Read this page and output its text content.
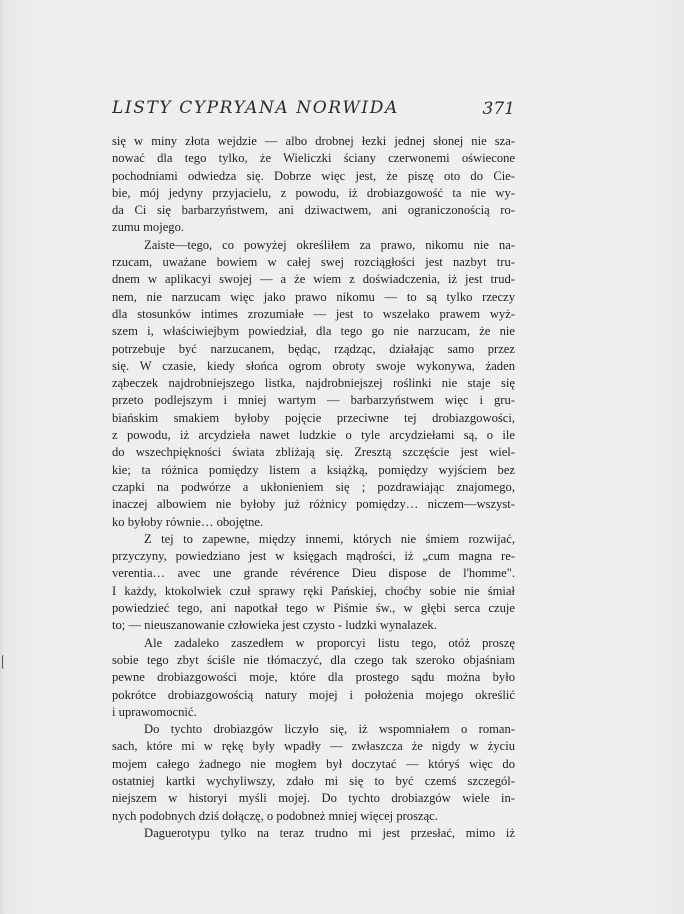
LISTY CYPRYANA NORWIDA	371
się w miny złota wejdzie — albo drobnej łezki jednej słonej nie sza-
nować dla tego tylko, że Wieliczki ściany czerwonemi oświecone
pochodniami odwiedza się. Dobrze więc jest, że piszę oto do Cie-
bie, mój jedyny przyjacielu, z powodu, iż drobiazgowość ta nie wy-
da Ci się barbarzyństwem, ani dziwactwem, ani ograniczonością ro-
zumu mojego.
Zaiste—tego, co powyżej określiłem za prawo, nikomu nie na-
rzucam, uważane bowiem w całej swej rozciągłości jest nazbyt tru-
dnem w aplikacyi swojej — a że wiem z doświadczenia, iż jest trud-
nem, nie narzucam więc jako prawo nikomu — to są tylko rzeczy
dla stosunków intimes zrozumiałe — jest to wszelako prawem wyż-
szem i, właściwiejbym powiedział, dla tego go nie narzucam, że nie
potrzebuje być narzucanem, będąc, rządząc, działając samo przez
się. W czasie, kiedy słońca ogrom obroty swoje wykonywa, żaden
ząbeczek najdrobniejszego listka, najdrobniejszej roślinki nie staje się
przeto podlejszym i mniej wartym — barbarzyństwem więc i gru-
biańskim smakiem byłoby pojęcie przeciwne tej drobiazgowości,
z powodu, iż arcydzieła nawet ludzkie o tyle arcydziełami są, o ile
do wszechpiękności świata zbliżają się. Zresztą szczęście jest wiel-
kie; ta różnica pomiędzy listem a książką, pomiędzy wyjściem bez
czapki na podwórze a ukłonieniem się ; pozdrawiając znajomego,
inaczej albowiem nie byłoby już różnicy pomiędzy… niczem—wszyst-
ko byłoby równie… obojętne.
Z tej to zapewne, między innemi, których nie śmiem rozwijać,
przyczyny, powiedziano jest w księgach mądrości, iż „cum magna re-
verentia… avec une grande révérence Dieu dispose de l'homme".
I każdy, ktokolwiek czuł sprawy ręki Pańskiej, choćby sobie nie śmiał
powiedzieć tego, ani napotkał tego w Piśmie św., w głębi serca czuje
to; — nieuszanowanie człowieka jest czysto - ludzki wynalazek.
Ale zadaleko zaszedłem w proporcyi listu tego, otóż proszę
sobie tego zbyt ściśle nie tłómaczyć, dla czego tak szeroko objaśniam
pewne drobiazgowości moje, które dla prostego sądu można było
pokrótce drobiazgowością natury mojej i położenia mojego określić
i uprawomocnić.
Do tychto drobiazgów liczyło się, iż wspomniałem o roman-
sach, które mi w rękę były wpadły — zwłaszcza że nigdy w życiu
mojem całego żadnego nie mogłem był doczytać — któryś więc do
ostatniej kartki wychyliwszy, zdało mi się to być czemś szczegól-
niejszem w historyi myśli mojej. Do tychto drobiazgów wiele in-
nych podobnych dziś dołączę, o podobneż mniej więcej prosząc.
Daguerotypu tylko na teraz trudno mi jest przesłać, mimo iż
